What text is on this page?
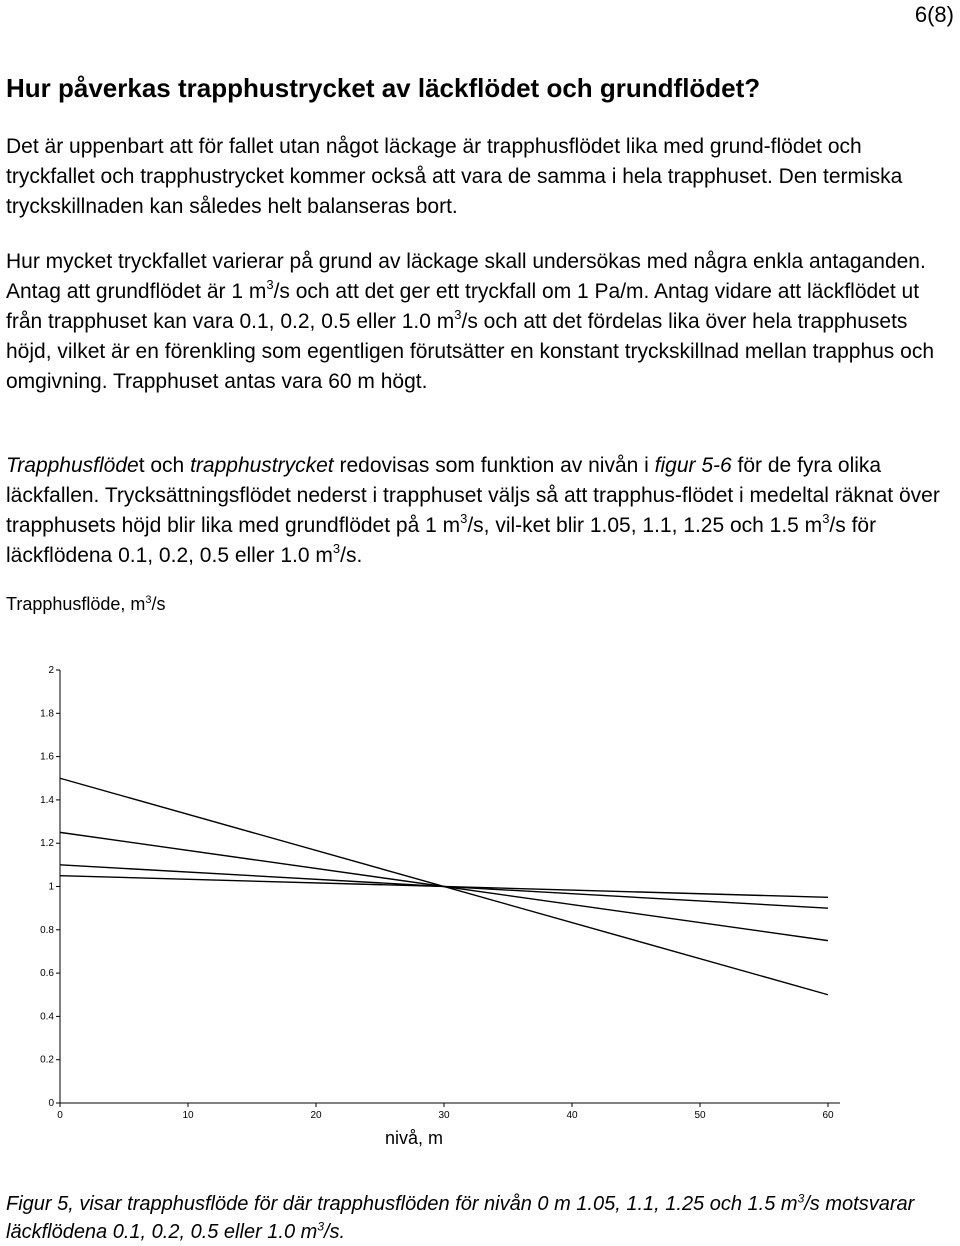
6(8)
Hur påverkas trapphustrycket av läckflödet och grundflödet?

Det är uppenbart att för fallet utan något läckage är trapphusflödet lika med grund-flödet och tryckfallet och trapphustrycket kommer också att vara de samma i hela trapphuset. Den termiska tryckskillnaden kan således helt balanseras bort.

Hur mycket tryckfallet varierar på grund av läckage skall undersökas med några enkla antaganden. Antag att grundflödet är 1 $m^3/s$ och att det ger ett tryckfall om 1 Pa/m. Antag vidare att läckflödet ut från trapphuset kan vara 0.1, 0.2, 0.5 eller 1.0 $m^3/s$ och att det fördelas lika över hela trapphusets höjd, vilket är en förenkling som egentligen förutsätter en konstant tryckskillnad mellan trapphus och omgivning. Trapphuset antas vara 60 m högt.

Trapphusflödet och trapphustrycket redovisas som funktion av nivån i figur 5-6 för de fyra olika läckfallen. Trycksättningsflödet nederst i trapphuset väljs så att trapphus-flödet i medeltal räknat över trapphusets höjd blir lika med grundflödet på 1 $m^3/s$, vil-ket blir 1.05, 1.1, 1.25 och 1.5 $m^3/s$ för läckflödena 0.1, 0.2, 0.5 eller 1.0 $m^3/s$.

Trapphusflöde, $m^3/s$
0
0.2
0.4
0.6
0.8
1
1.2
1.4
1.6
1.8
2
0	10	20	30	40	50	60
nivå, m

Figur 5, visar trapphusflöde för där trapphusflöden för nivån 0 m 1.05, 1.1, 1.25 och 1.5 $m^3/s$ motsvarar läckflödena 0.1, 0.2, 0.5 eller 1.0 $m^3/s$.
